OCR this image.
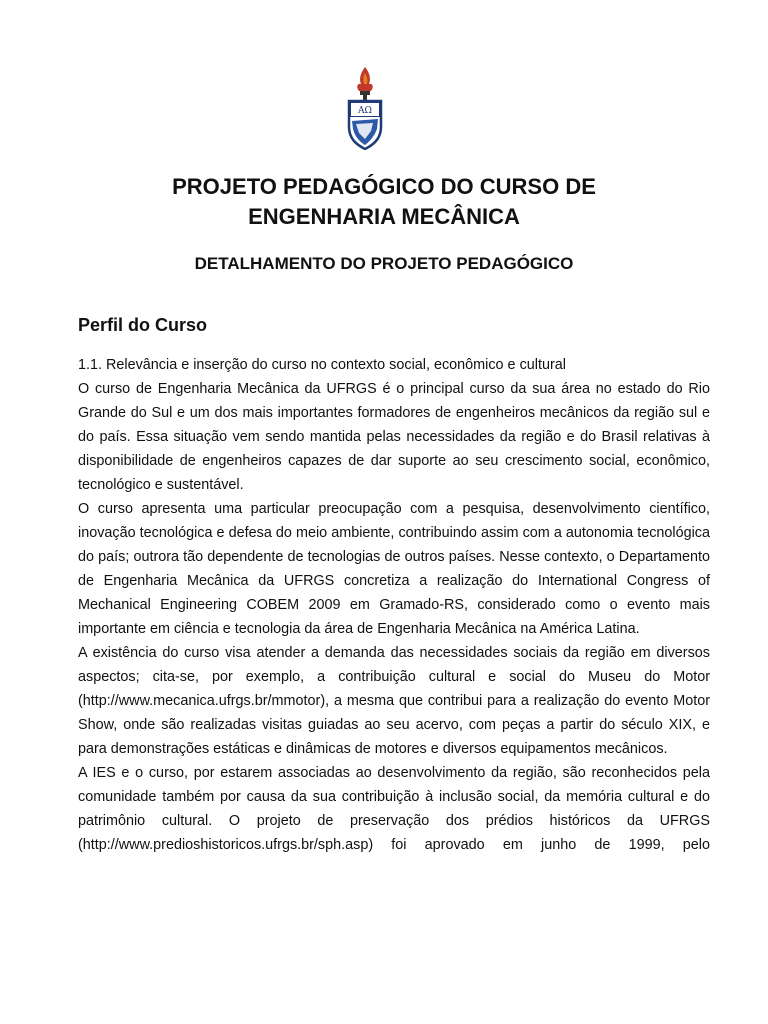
AΩ
PROJETO PEDAGÓGICO DO CURSO DE
ENGENHARIA MECÂNICA
DETALHAMENTO DO PROJETO PEDAGÓGICO
Perfil do Curso

1.1. Relevância e inserção do curso no contexto social, econômico e cultural

O curso de Engenharia Mecânica da UFRGS é o principal curso da sua área no estado do Rio Grande do Sul e um dos mais importantes formadores de engenheiros mecânicos da região sul e do país. Essa situação vem sendo mantida pelas necessidades da região e do Brasil relativas à disponibilidade de engenheiros capazes de dar suporte ao seu crescimento social, econômico, tecnológico e sustentável.

O curso apresenta uma particular preocupação com a pesquisa, desenvolvimento científico, inovação tecnológica e defesa do meio ambiente, contribuindo assim com a autonomia tecnológica do país; outrora tão dependente de tecnologias de outros países. Nesse contexto, o Departamento de Engenharia Mecânica da UFRGS concretiza a realização do International Congress of Mechanical Engineering COBEM 2009 em Gramado-RS, considerado como o evento mais importante em ciência e tecnologia da área de Engenharia Mecânica na América Latina.

A existência do curso visa atender a demanda das necessidades sociais da região em diversos aspectos; cita-se, por exemplo, a contribuição cultural e social do Museu do Motor (http://www.mecanica.ufrgs.br/mmotor), a mesma que contribui para a realização do evento Motor Show, onde são realizadas visitas guiadas ao seu acervo, com peças a partir do século XIX, e para demonstrações estáticas e dinâmicas de motores e diversos equipamentos mecânicos.

A IES e o curso, por estarem associadas ao desenvolvimento da região, são reconhecidos pela comunidade também por causa da sua contribuição à inclusão social, da memória cultural e do patrimônio cultural. O projeto de preservação dos prédios históricos da UFRGS (http://www.predioshistoricos.ufrgs.br/sph.asp) foi aprovado em junho de 1999, pelo
